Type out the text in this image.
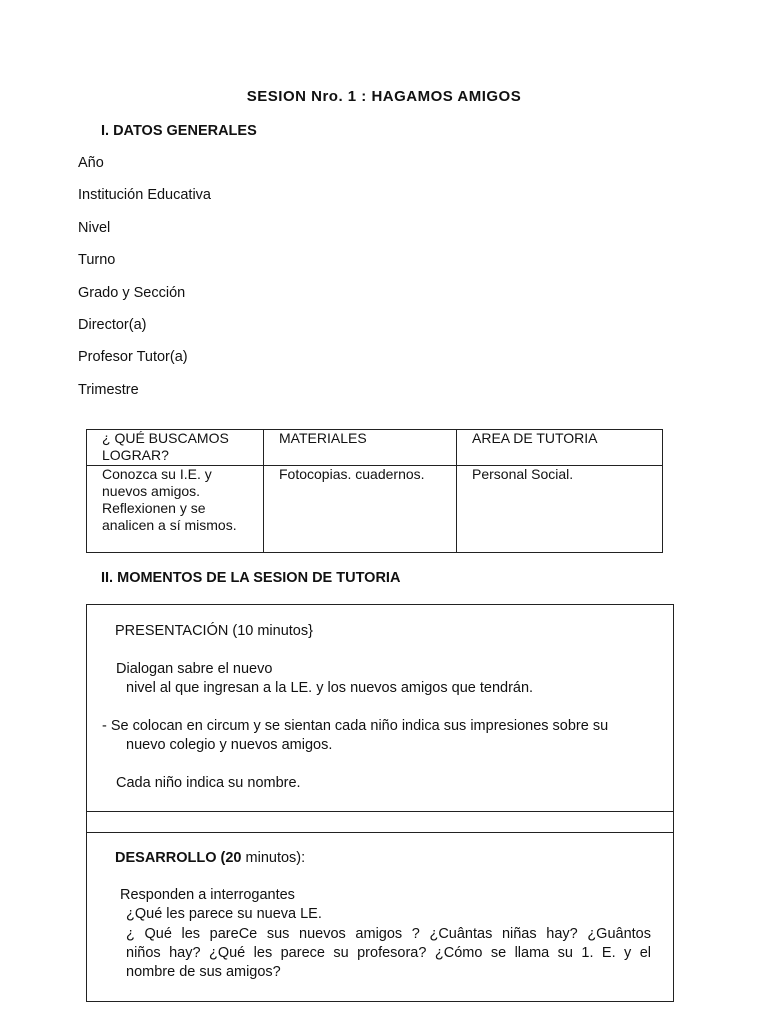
SESION Nro. 1 : HAGAMOS AMIGOS
I. DATOS GENERALES
Año
Institución Educativa
Nivel
Turno
Grado y Sección
Director(a)
Profesor Tutor(a)
Trimestre
¿ QUÉ BUSCAMOS LOGRAR?	MATERIALES	AREA DE TUTORIA
Conozca su I.E. y nuevos amigos. Reflexionen y se analicen a sí mismos.	Fotocopias. cuadernos.	Personal Social.
II. MOMENTOS DE LA SESION DE TUTORIA
PRESENTACIÓN (10 minutos}
Dialogan sabre el nuevo
nivel al que ingresan a la LE. y los nuevos amigos que tendrán.
- Se colocan en circum y se sientan cada niño indica sus impresiones sobre su
nuevo colegio y nuevos amigos.
Cada niño indica su nombre.
DESARROLLO (20 minutos):
Responden a interrogantes
¿Qué les parece su nueva LE.
¿ Qué les pareCe sus nuevos amigos ? ¿Cuântas niñas hay? ¿Guântos
niños hay? ¿Qué les parece su profesora? ¿Cómo se llama su 1. E. y el
nombre de sus amigos?
